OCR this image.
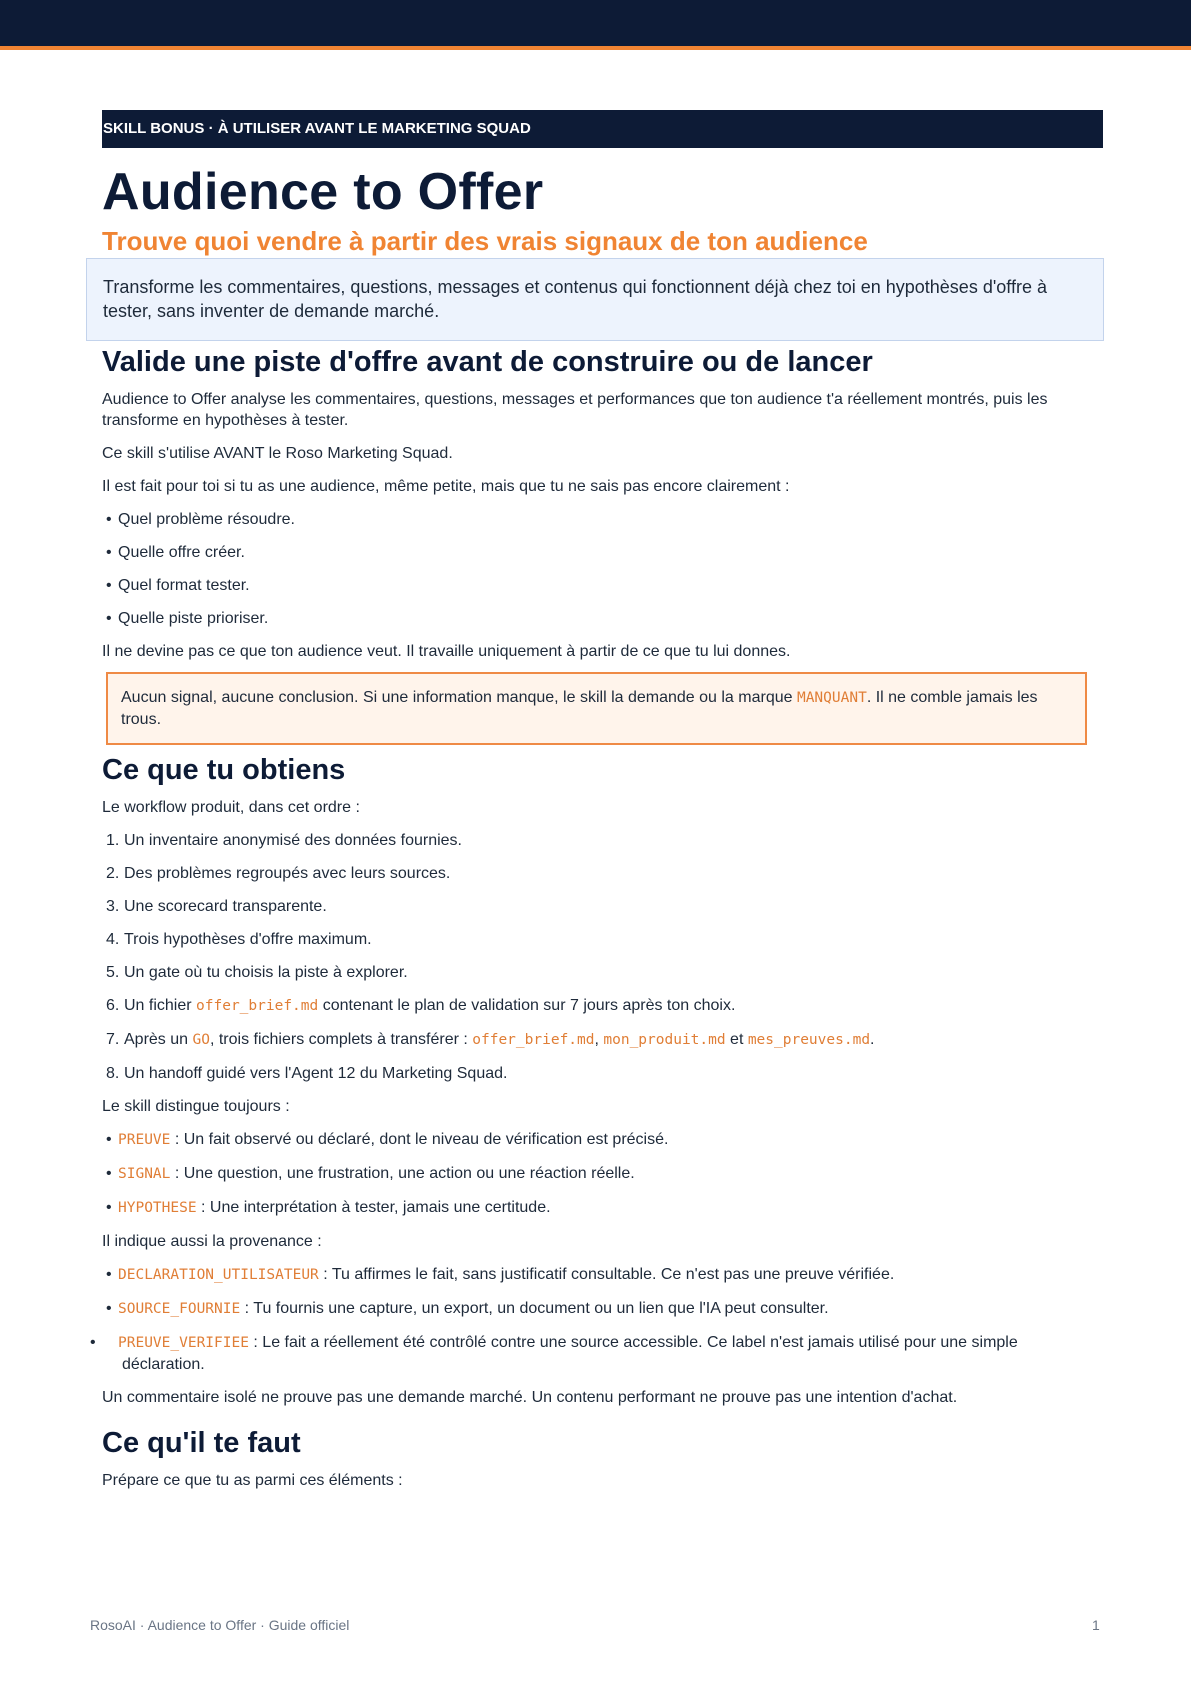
SKILL BONUS · À UTILISER AVANT LE MARKETING SQUAD
Audience to Offer
Trouve quoi vendre à partir des vrais signaux de ton audience
Transforme les commentaires, questions, messages et contenus qui fonctionnent déjà chez toi en hypothèses d'offre à tester, sans inventer de demande marché.
Valide une piste d'offre avant de construire ou de lancer

Audience to Offer analyse les commentaires, questions, messages et performances que ton audience t'a réellement montrés, puis les transforme en hypothèses à tester.

Ce skill s'utilise AVANT le Roso Marketing Squad.

Il est fait pour toi si tu as une audience, même petite, mais que tu ne sais pas encore clairement :

• Quel problème résoudre.
• Quelle offre créer.
• Quel format tester.
• Quelle piste prioriser.

Il ne devine pas ce que ton audience veut. Il travaille uniquement à partir de ce que tu lui donnes.

Aucun signal, aucune conclusion. Si une information manque, le skill la demande ou la marque MANQUANT. Il ne comble jamais les trous.
Ce que tu obtiens

Le workflow produit, dans cet ordre :

1. Un inventaire anonymisé des données fournies.
2. Des problèmes regroupés avec leurs sources.
3. Une scorecard transparente.
4. Trois hypothèses d'offre maximum.
5. Un gate où tu choisis la piste à explorer.
6. Un fichier offer_brief.md contenant le plan de validation sur 7 jours après ton choix.
7. Après un GO, trois fichiers complets à transférer : offer_brief.md, mon_produit.md et mes_preuves.md.
8. Un handoff guidé vers l'Agent 12 du Marketing Squad.

Le skill distingue toujours :

• PREUVE : Un fait observé ou déclaré, dont le niveau de vérification est précisé.
• SIGNAL : Une question, une frustration, une action ou une réaction réelle.
• HYPOTHESE : Une interprétation à tester, jamais une certitude.

Il indique aussi la provenance :

• DECLARATION_UTILISATEUR : Tu affirmes le fait, sans justificatif consultable. Ce n'est pas une preuve vérifiée.
• SOURCE_FOURNIE : Tu fournis une capture, un export, un document ou un lien que l'IA peut consulter.
• PREUVE_VERIFIEE : Le fait a réellement été contrôlé contre une source accessible. Ce label n'est jamais utilisé pour une simple déclaration.

Un commentaire isolé ne prouve pas une demande marché. Un contenu performant ne prouve pas une intention d'achat.

Ce qu'il te faut

Prépare ce que tu as parmi ces éléments :

RosoAI · Audience to Offer · Guide officiel	1
